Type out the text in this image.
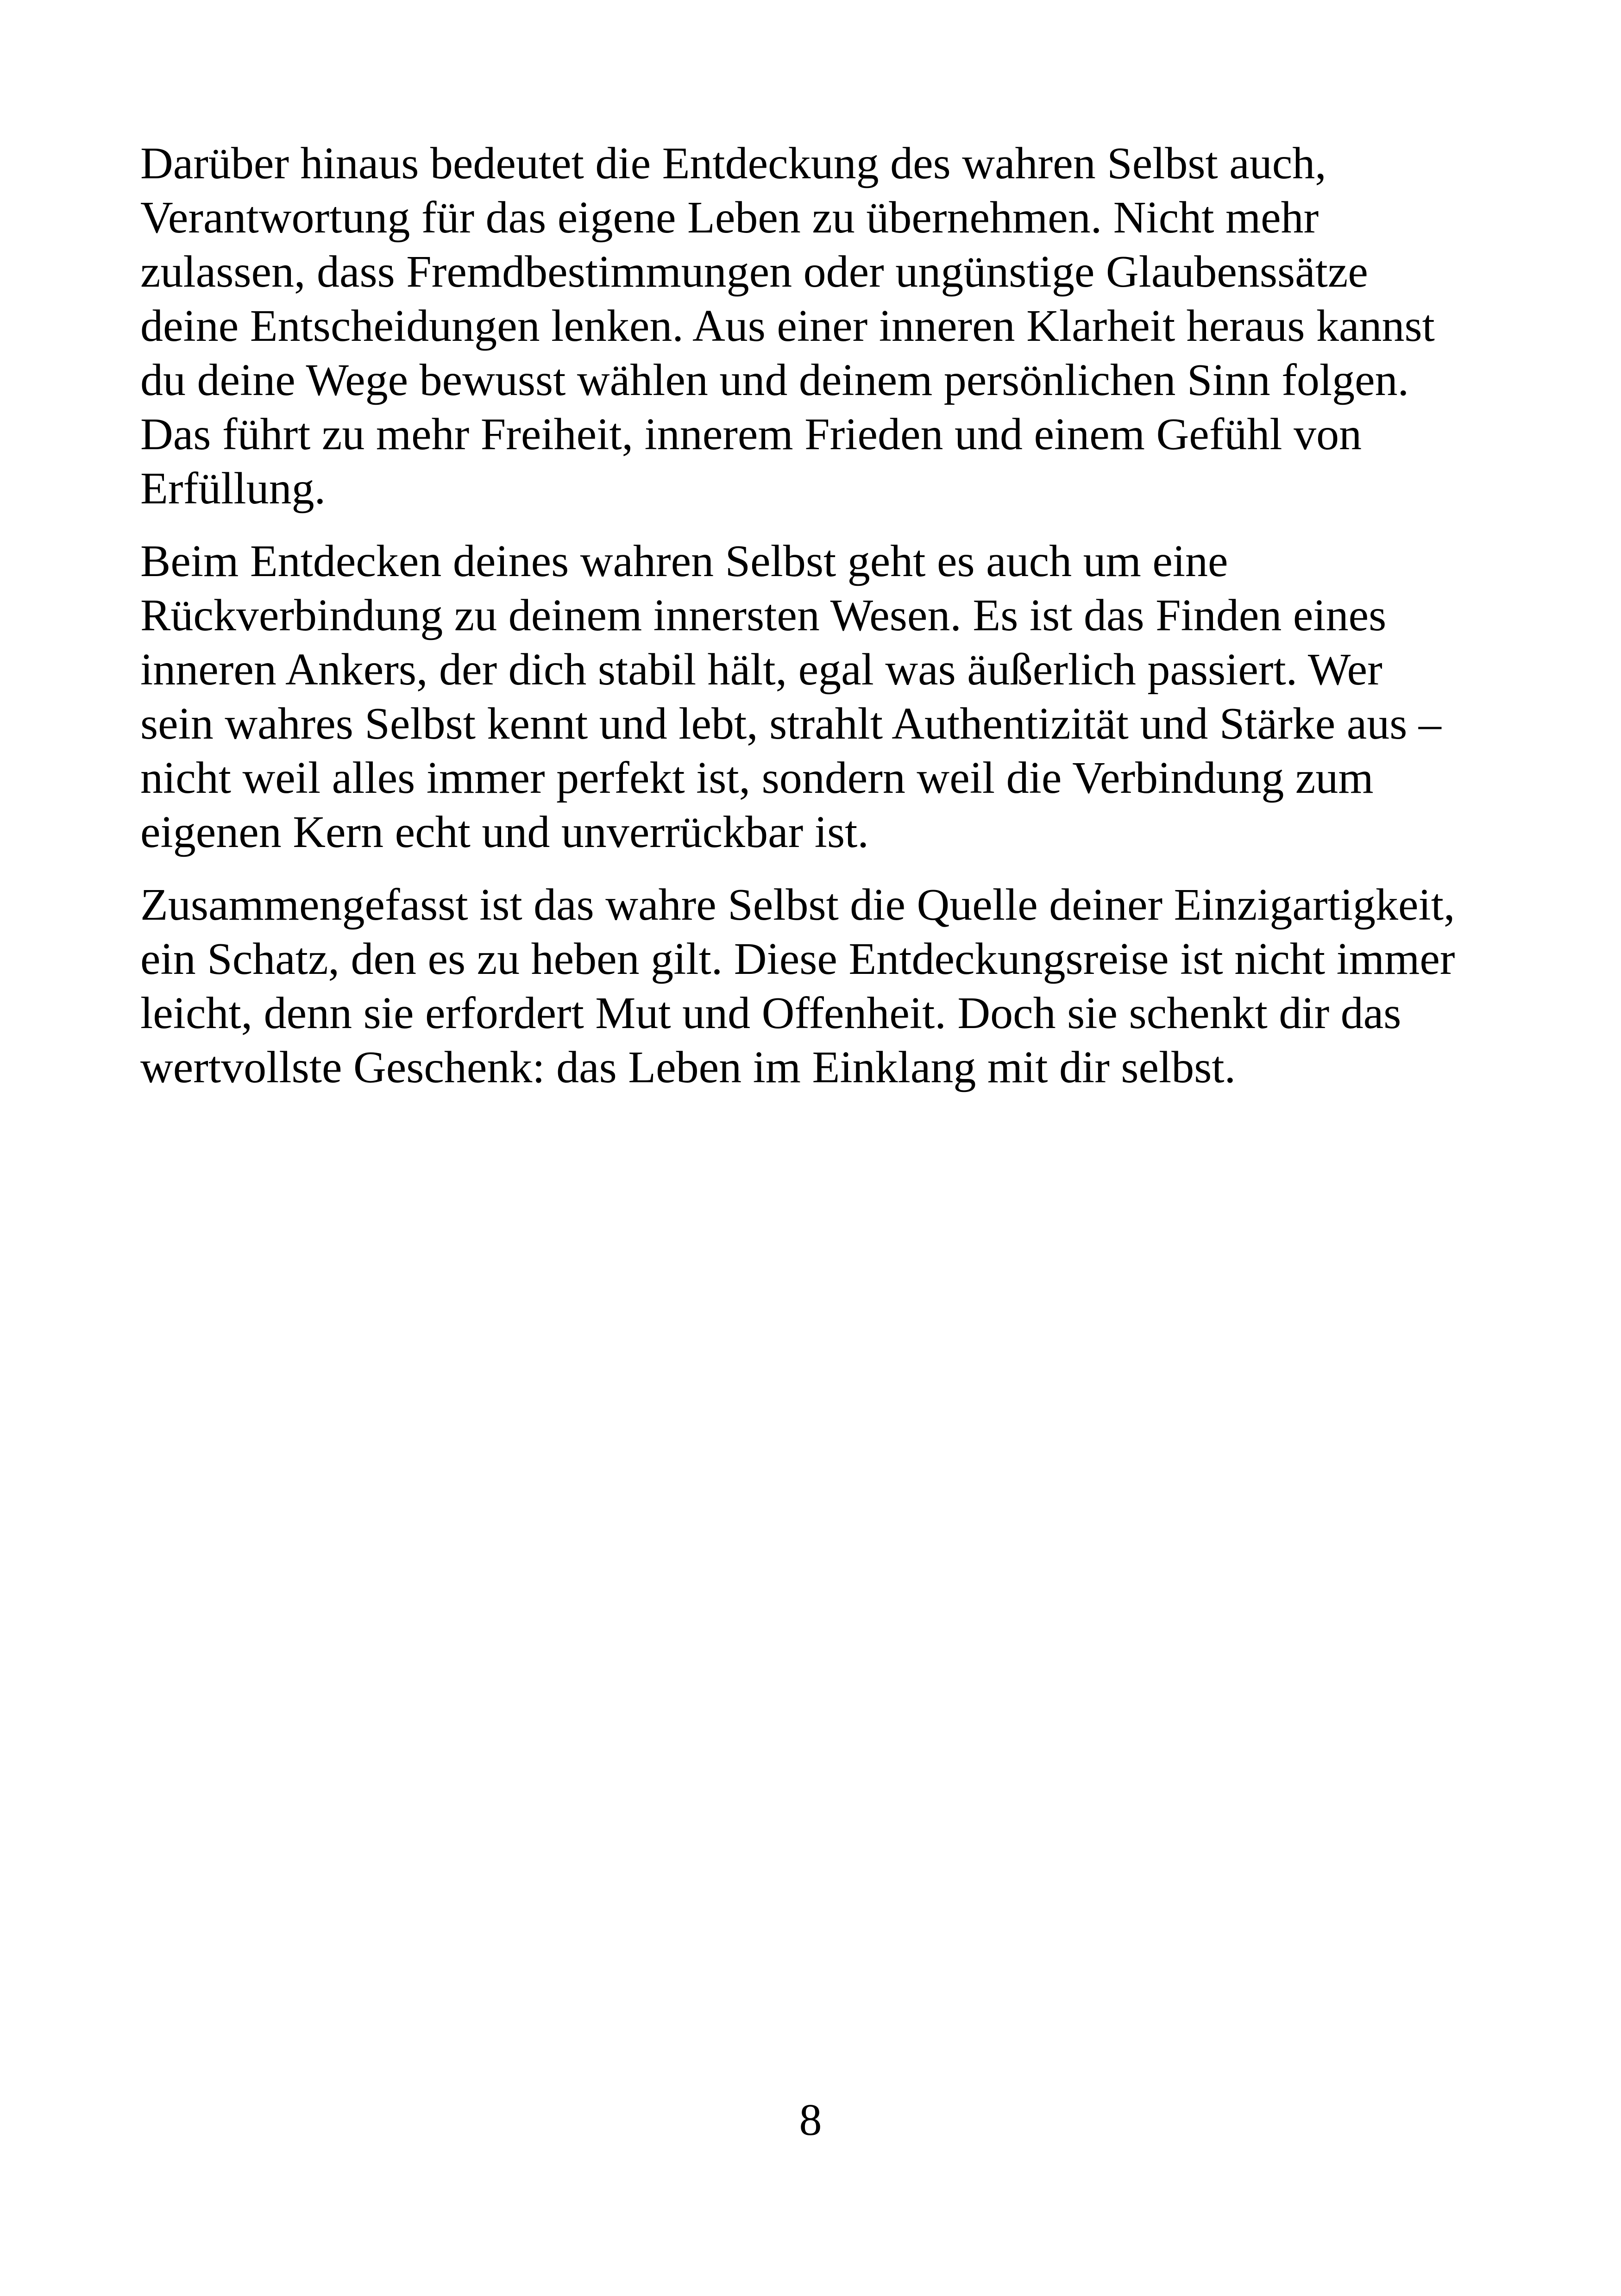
Darüber hinaus bedeutet die Entdeckung des wahren Selbst auch,
Verantwortung für das eigene Leben zu übernehmen. Nicht mehr
zulassen, dass Fremdbestimmungen oder ungünstige Glaubenssätze
deine Entscheidungen lenken. Aus einer inneren Klarheit heraus kannst
du deine Wege bewusst wählen und deinem persönlichen Sinn folgen.
Das führt zu mehr Freiheit, innerem Frieden und einem Gefühl von
Erfüllung.
Beim Entdecken deines wahren Selbst geht es auch um eine
Rückverbindung zu deinem innersten Wesen. Es ist das Finden eines
inneren Ankers, der dich stabil hält, egal was äußerlich passiert. Wer
sein wahres Selbst kennt und lebt, strahlt Authentizität und Stärke aus –
nicht weil alles immer perfekt ist, sondern weil die Verbindung zum
eigenen Kern echt und unverrückbar ist.
Zusammengefasst ist das wahre Selbst die Quelle deiner Einzigartigkeit,
ein Schatz, den es zu heben gilt. Diese Entdeckungsreise ist nicht immer
leicht, denn sie erfordert Mut und Offenheit. Doch sie schenkt dir das
wertvollste Geschenk: das Leben im Einklang mit dir selbst.
8
